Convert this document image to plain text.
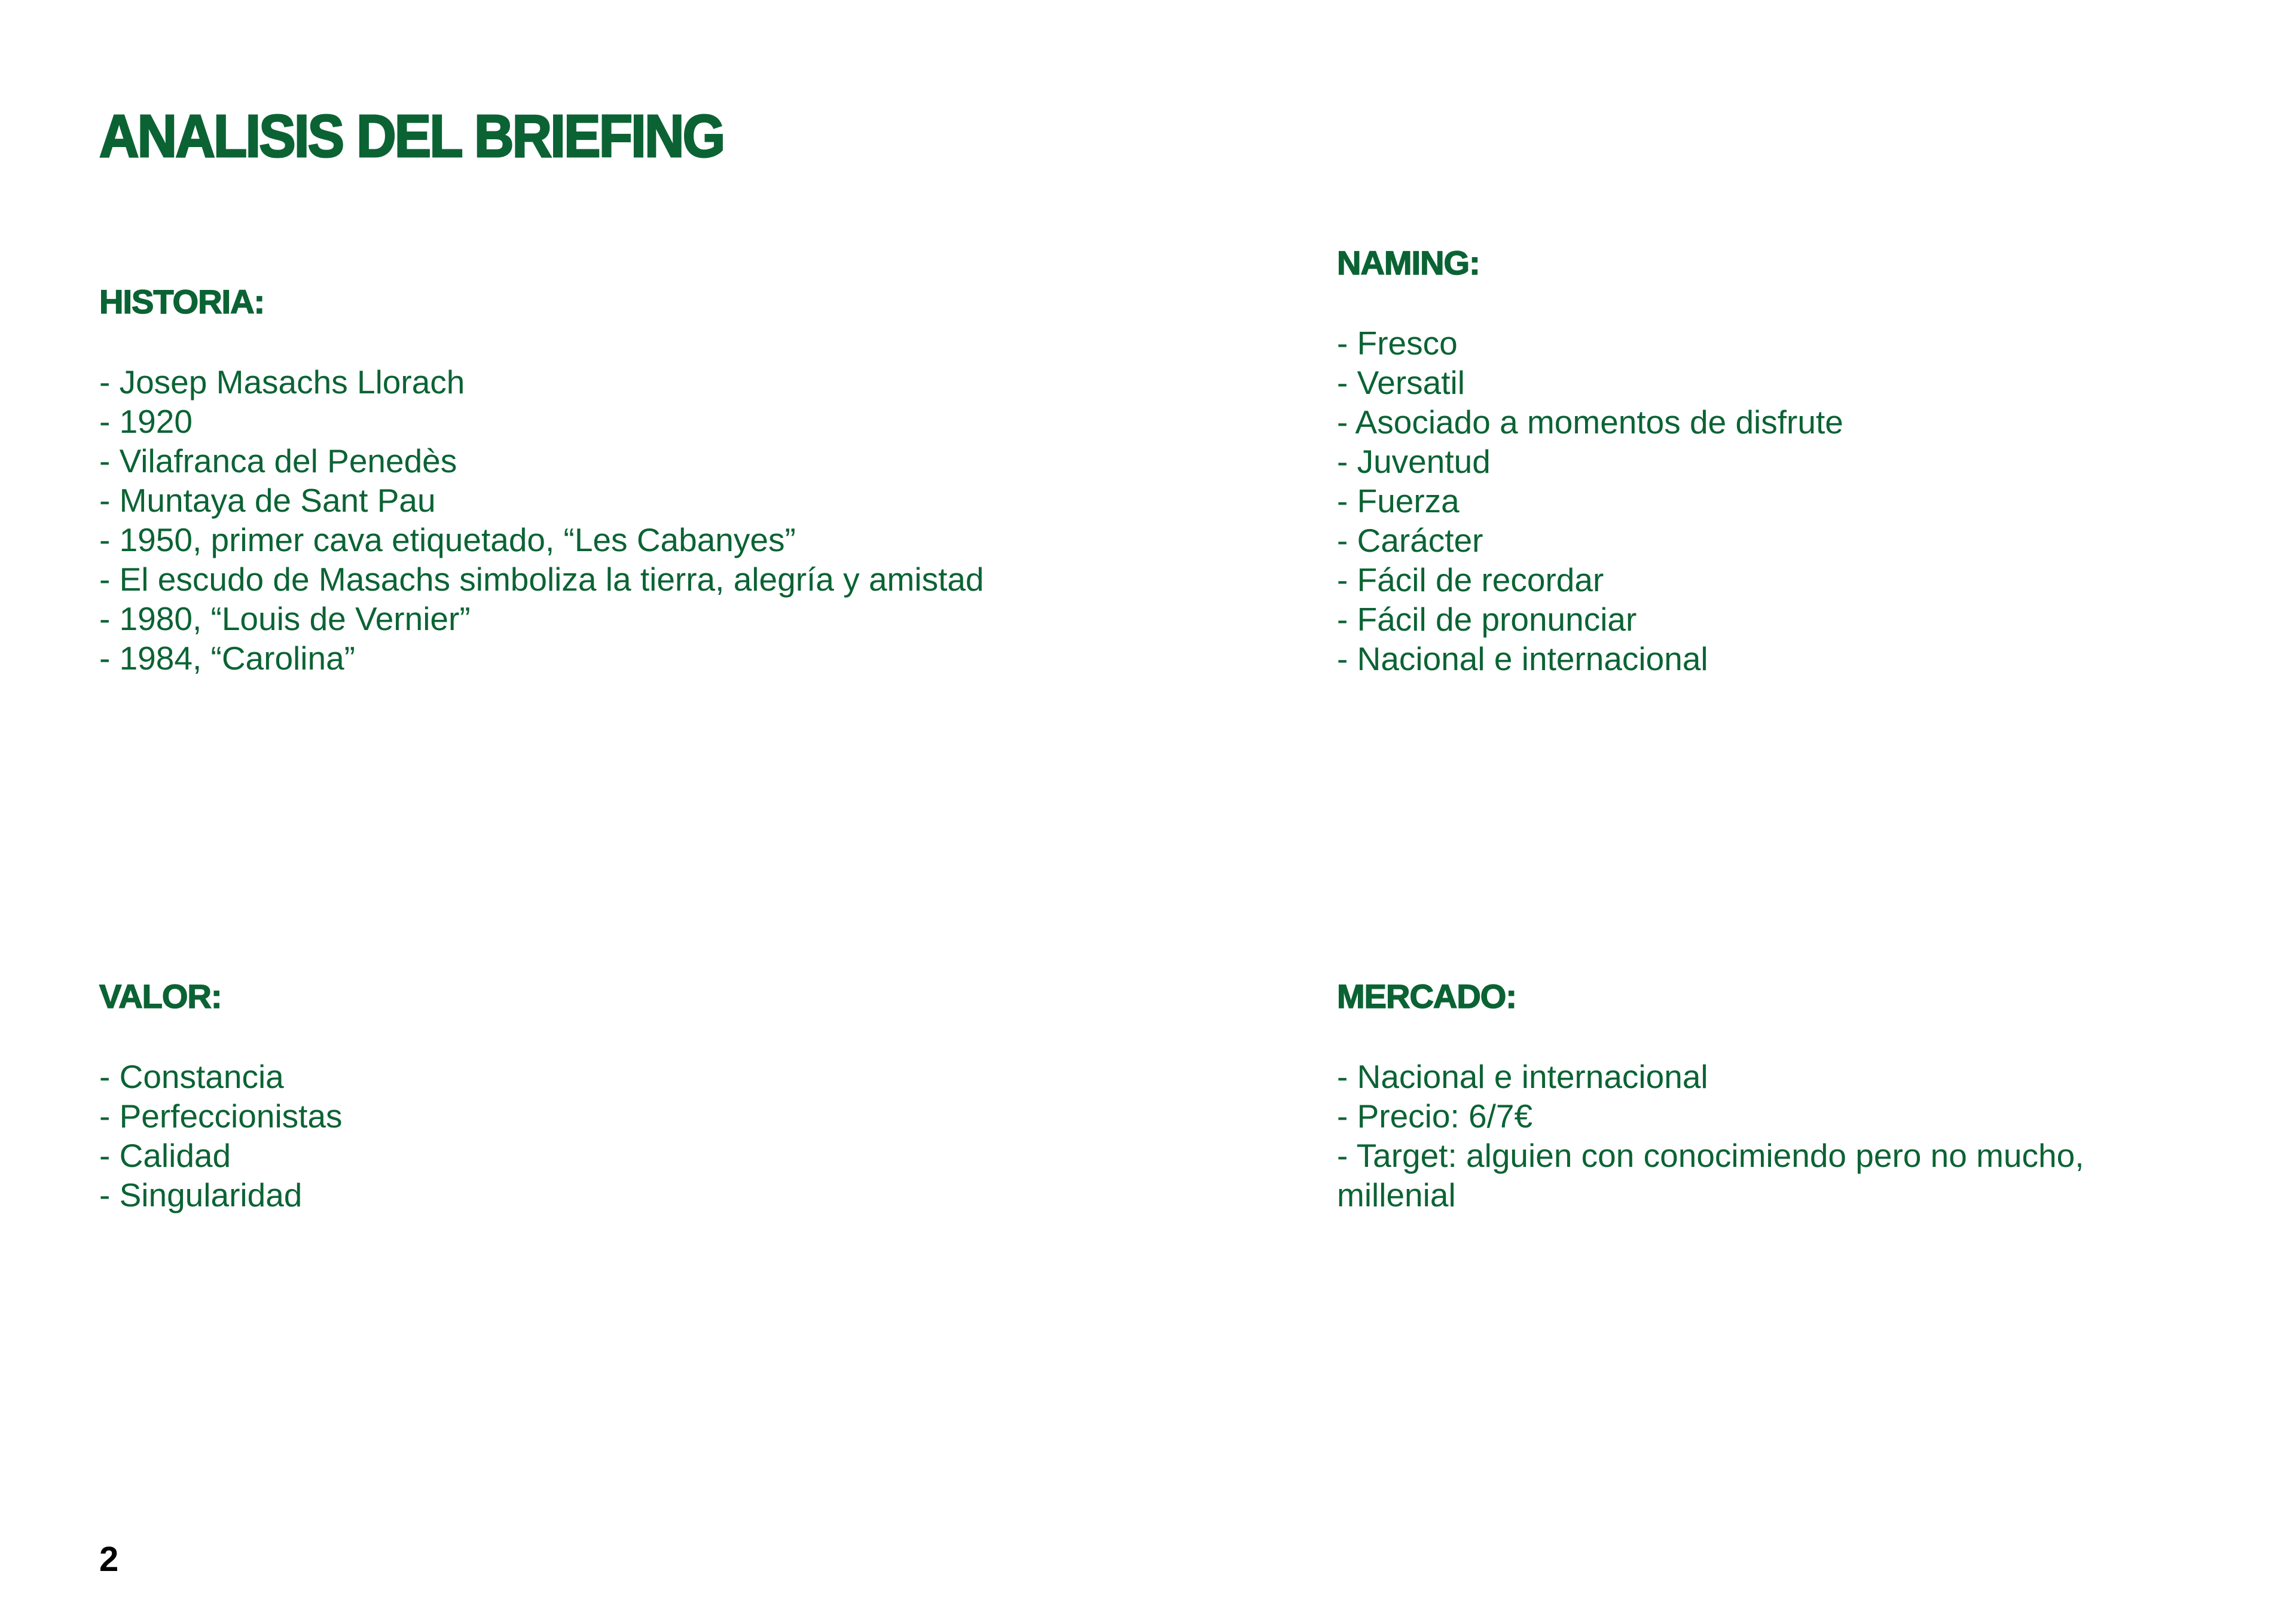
ANALISIS DEL BRIEFING
HISTORIA:
- Josep Masachs Llorach
- 1920
- Vilafranca del Penedès
- Muntaya de Sant Pau
- 1950, primer cava etiquetado, “Les Cabanyes”
- El escudo de Masachs simboliza la tierra, alegría y amistad
- 1980, “Louis de Vernier”
- 1984, “Carolina”
NAMING:
- Fresco
- Versatil
- Asociado a momentos de disfrute
- Juventud
- Fuerza
- Carácter
- Fácil de recordar
- Fácil de pronunciar
- Nacional e internacional
VALOR:
- Constancia
- Perfeccionistas
- Calidad
- Singularidad
MERCADO:
- Nacional e internacional
- Precio: 6/7€
- Target: alguien con conocimiendo pero no mucho,
millenial
2
